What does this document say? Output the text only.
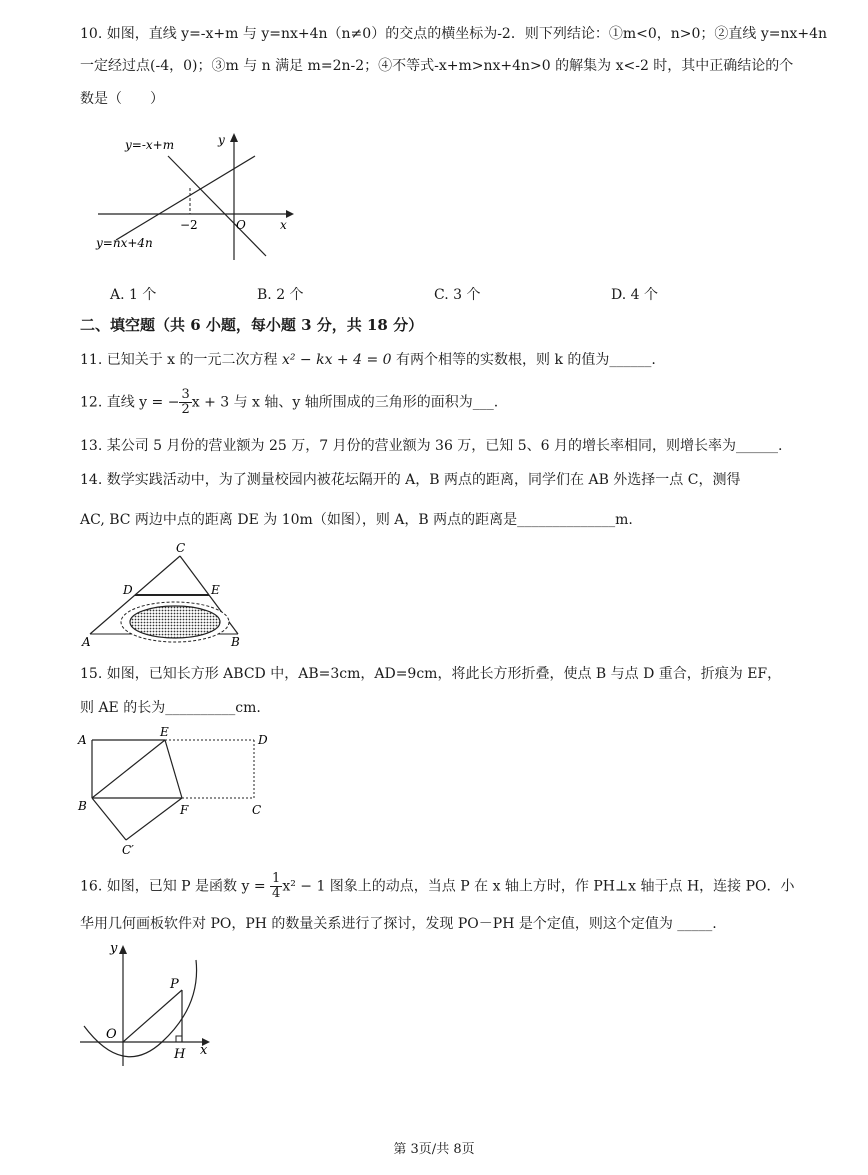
10. 如图，直线 y=-x+m 与 y=nx+4n（n≠0）的交点的横坐标为-2．则下列结论：①m<0，n>0；②直线 y=nx+4n
一定经过点(-4，0)；③m 与 n 满足 m=2n-2；④不等式-x+m>nx+4n>0 的解集为 x<-2 时，其中正确结论的个
数是（　　）
y=-x+m
y=nx+4n
y
x
O
−2
A. 1 个	B. 2 个	C. 3 个	D. 4 个
二、填空题（共 6 小题，每小题 3 分，共 18 分）
11. 已知关于 x 的一元二次方程 x² − kx + 4 = 0 有两个相等的实数根，则 k 的值为______.
12. 直线 y = − $\frac{3}{2}$ x + 3 与 x 轴、y 轴所围成的三角形的面积为___.
13. 某公司 5 月份的营业额为 25 万，7 月份的营业额为 36 万，已知 5、6 月的增长率相同，则增长率为______.
14. 数学实践活动中，为了测量校园内被花坛隔开的 A，B 两点的距离，同学们在 AB 外选择一点 C，测得
AC, BC 两边中点的距离 DE 为 10m（如图），则 A，B 两点的距离是______________m.
C
D	E
A	B
15. 如图，已知长方形 ABCD 中，AB=3cm，AD=9cm，将此长方形折叠，使点 B 与点 D 重合，折痕为 EF，
则 AE 的长为__________cm.
A
E
D
B	F	C
C′
16. 如图，已知 P 是函数 $y = \frac{1}{4} x^2 - 1$ 图象上的动点，当点 P 在 x 轴上方时，作 PH⊥x 轴于点 H，连接 PO．小
华用几何画板软件对 PO，PH 的数量关系进行了探讨，发现 PO－PH 是个定值，则这个定值为 _____.
y
x
O
P
H
第 3页/共 8页
